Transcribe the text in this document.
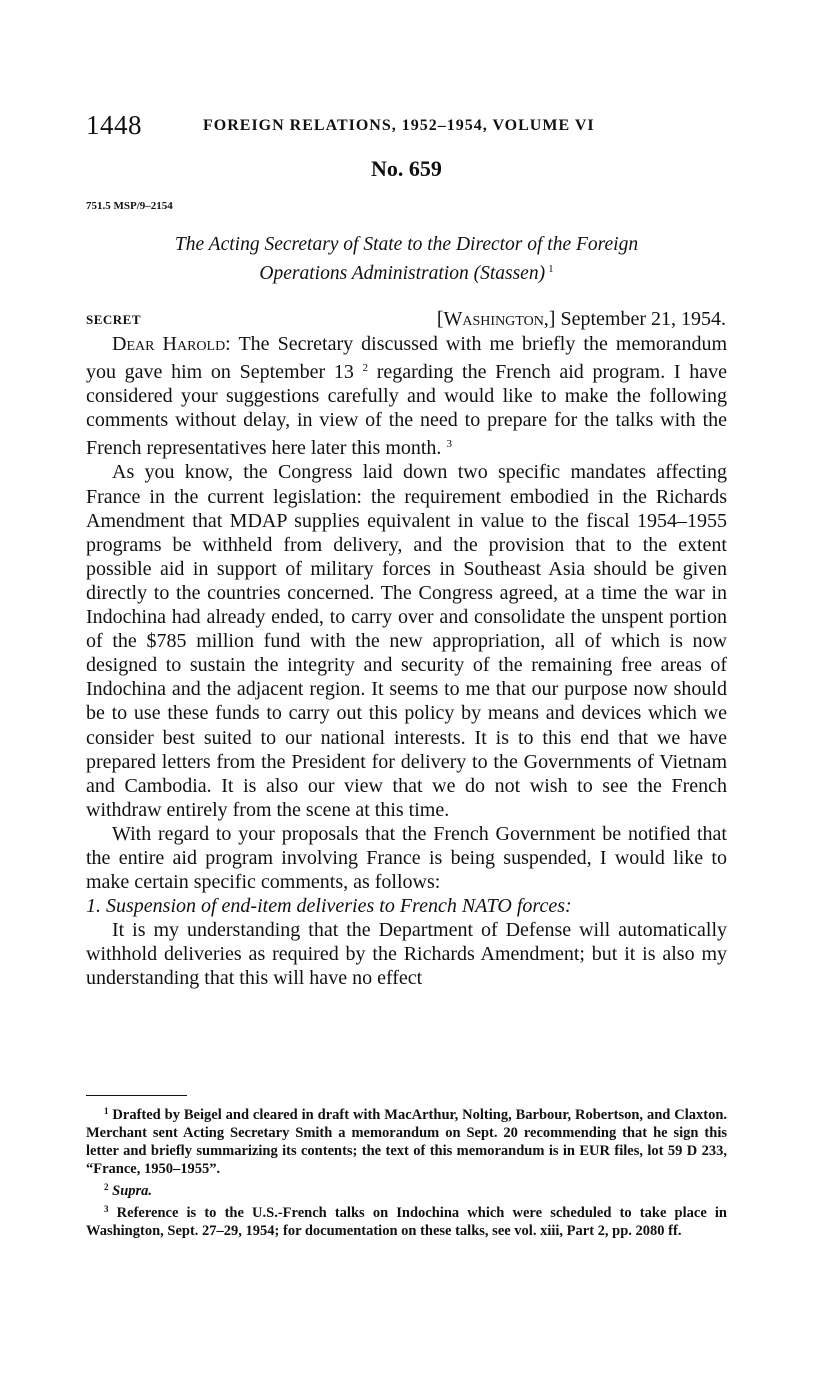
1448	FOREIGN RELATIONS, 1952–1954, VOLUME VI
No. 659
751.5 MSP/9–2154
The Acting Secretary of State to the Director of the Foreign
Operations Administration (Stassen) $^1$
SECRET	[Washington,] September 21, 1954.

Dear Harold: The Secretary discussed with me briefly the memorandum you gave him on September 13 $^2$ regarding the French aid program. I have considered your suggestions carefully and would like to make the following comments without delay, in view of the need to prepare for the talks with the French representatives here later this month. $^3$

As you know, the Congress laid down two specific mandates affecting France in the current legislation: the requirement embodied in the Richards Amendment that MDAP supplies equivalent in value to the fiscal 1954–1955 programs be withheld from delivery, and the provision that to the extent possible aid in support of military forces in Southeast Asia should be given directly to the countries concerned. The Congress agreed, at a time the war in Indochina had already ended, to carry over and consolidate the unspent portion of the $785 million fund with the new appropriation, all of which is now designed to sustain the integrity and security of the remaining free areas of Indochina and the adjacent region. It seems to me that our purpose now should be to use these funds to carry out this policy by means and devices which we consider best suited to our national interests. It is to this end that we have prepared letters from the President for delivery to the Governments of Vietnam and Cambodia. It is also our view that we do not wish to see the French withdraw entirely from the scene at this time.

With regard to your proposals that the French Government be notified that the entire aid program involving France is being suspended, I would like to make certain specific comments, as follows:

1. Suspension of end-item deliveries to French NATO forces:

It is my understanding that the Department of Defense will automatically withhold deliveries as required by the Richards Amendment; but it is also my understanding that this will have no effect

$^1$ Drafted by Beigel and cleared in draft with MacArthur, Nolting, Barbour, Robertson, and Claxton. Merchant sent Acting Secretary Smith a memorandum on Sept. 20 recommending that he sign this letter and briefly summarizing its contents; the text of this memorandum is in EUR files, lot 59 D 233, “France, 1950–1955”.

$^2$ Supra.

$^3$ Reference is to the U.S.-French talks on Indochina which were scheduled to take place in Washington, Sept. 27–29, 1954; for documentation on these talks, see vol. xiii, Part 2, pp. 2080 ff.
